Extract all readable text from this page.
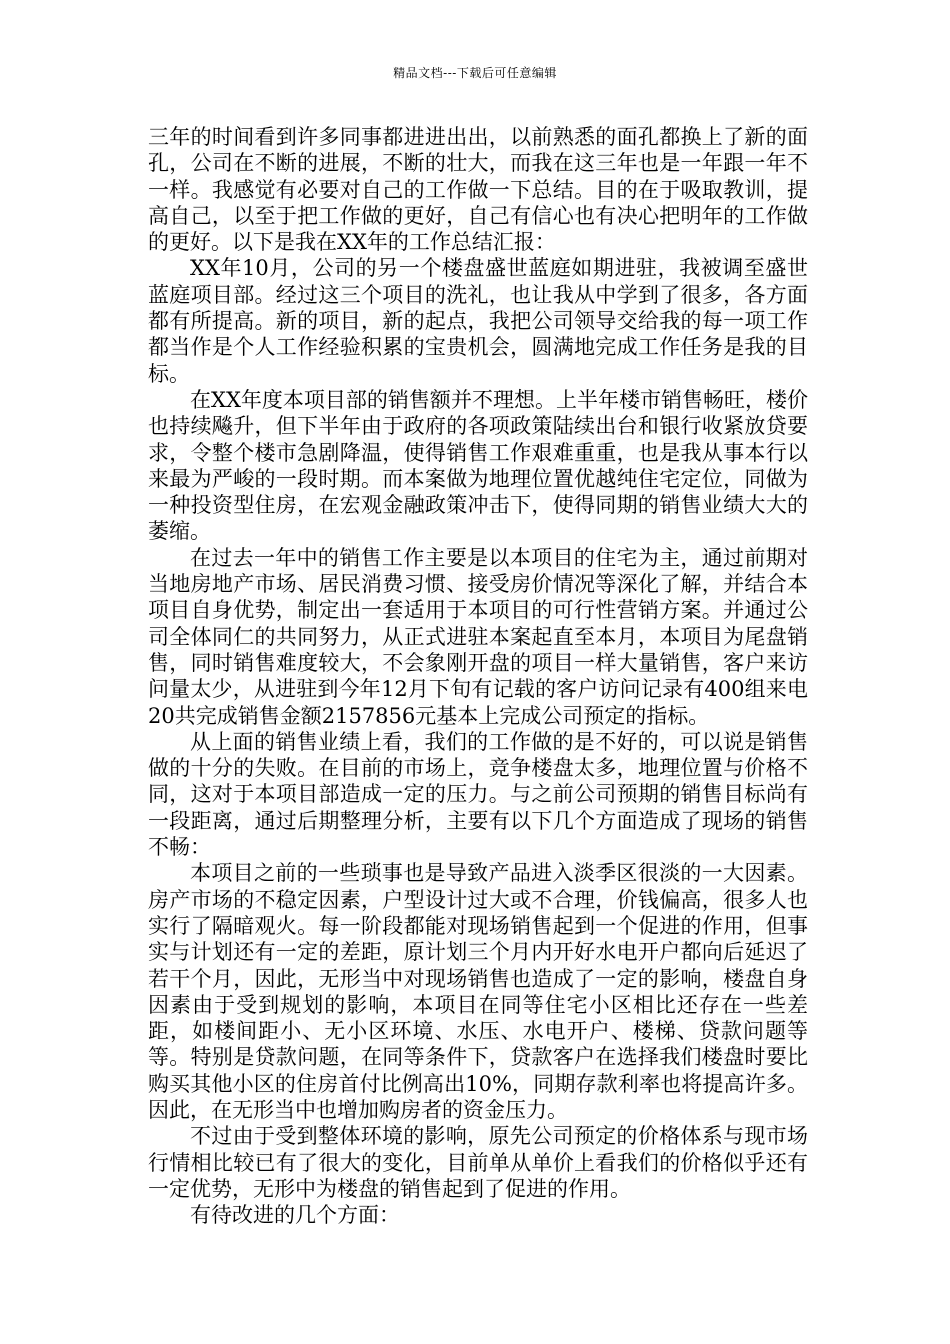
精品文档---下载后可任意编辑

三年的时间看到许多同事都进进出出，以前熟悉的面孔都换上了新的面孔，公司在不断的进展，不断的壮大，而我在这三年也是一年跟一年不一样。我感觉有必要对自己的工作做一下总结。目的在于吸取教训，提高自己，以至于把工作做的更好，自己有信心也有决心把明年的工作做的更好。以下是我在XX年的工作总结汇报：

XX年10月，公司的另一个楼盘盛世蓝庭如期进驻，我被调至盛世蓝庭项目部。经过这三个项目的洗礼，也让我从中学到了很多，各方面都有所提高。新的项目，新的起点，我把公司领导交给我的每一项工作都当作是个人工作经验积累的宝贵机会，圆满地完成工作任务是我的目标。

在XX年度本项目部的销售额并不理想。上半年楼市销售畅旺，楼价也持续飚升，但下半年由于政府的各项政策陆续出台和银行收紧放贷要求，令整个楼市急剧降温，使得销售工作艰难重重，也是我从事本行以来最为严峻的一段时期。而本案做为地理位置优越纯住宅定位，同做为一种投资型住房，在宏观金融政策冲击下，使得同期的销售业绩大大的萎缩。

在过去一年中的销售工作主要是以本项目的住宅为主，通过前期对当地房地产市场、居民消费习惯、接受房价情况等深化了解，并结合本项目自身优势，制定出一套适用于本项目的可行性营销方案。并通过公司全体同仁的共同努力，从正式进驻本案起直至本月，本项目为尾盘销售，同时销售难度较大，不会象刚开盘的项目一样大量销售，客户来访问量太少，从进驻到今年12月下旬有记载的客户访问记录有400组来电20共完成销售金额2157856元基本上完成公司预定的指标。

从上面的销售业绩上看，我们的工作做的是不好的，可以说是销售做的十分的失败。在目前的市场上，竞争楼盘太多，地理位置与价格不同，这对于本项目部造成一定的压力。与之前公司预期的销售目标尚有一段距离，通过后期整理分析，主要有以下几个方面造成了现场的销售不畅：

本项目之前的一些琐事也是导致产品进入淡季区很淡的一大因素。房产市场的不稳定因素，户型设计过大或不合理，价钱偏高，很多人也实行了隔暗观火。每一阶段都能对现场销售起到一个促进的作用，但事实与计划还有一定的差距，原计划三个月内开好水电开户都向后延迟了若干个月，因此，无形当中对现场销售也造成了一定的影响，楼盘自身因素由于受到规划的影响，本项目在同等住宅小区相比还存在一些差距，如楼间距小、无小区环境、水压、水电开户、楼梯、贷款问题等等。特别是贷款问题，在同等条件下，贷款客户在选择我们楼盘时要比购买其他小区的住房首付比例高出10%，同期存款利率也将提高许多。因此，在无形当中也增加购房者的资金压力。

不过由于受到整体环境的影响，原先公司预定的价格体系与现市场行情相比较已有了很大的变化，目前单从单价上看我们的价格似乎还有一定优势，无形中为楼盘的销售起到了促进的作用。

有待改进的几个方面：
